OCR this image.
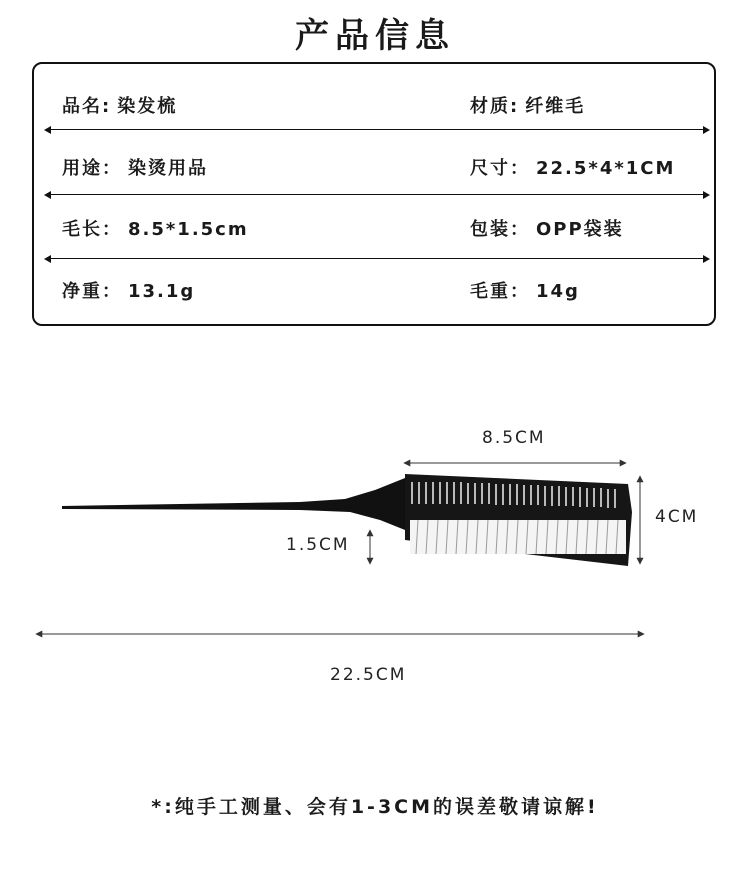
产品信息
品名: 染发梳	材质: 纤维毛
用途： 染烫用品	尺寸： 22.5*4*1CM
毛长： 8.5*1.5cm	包装： OPP袋装
净重： 13.1g	毛重： 14g
8.5CM
4CM
1.5CM
22.5CM
*:纯手工测量、会有1-3CM的误差敬请谅解!
